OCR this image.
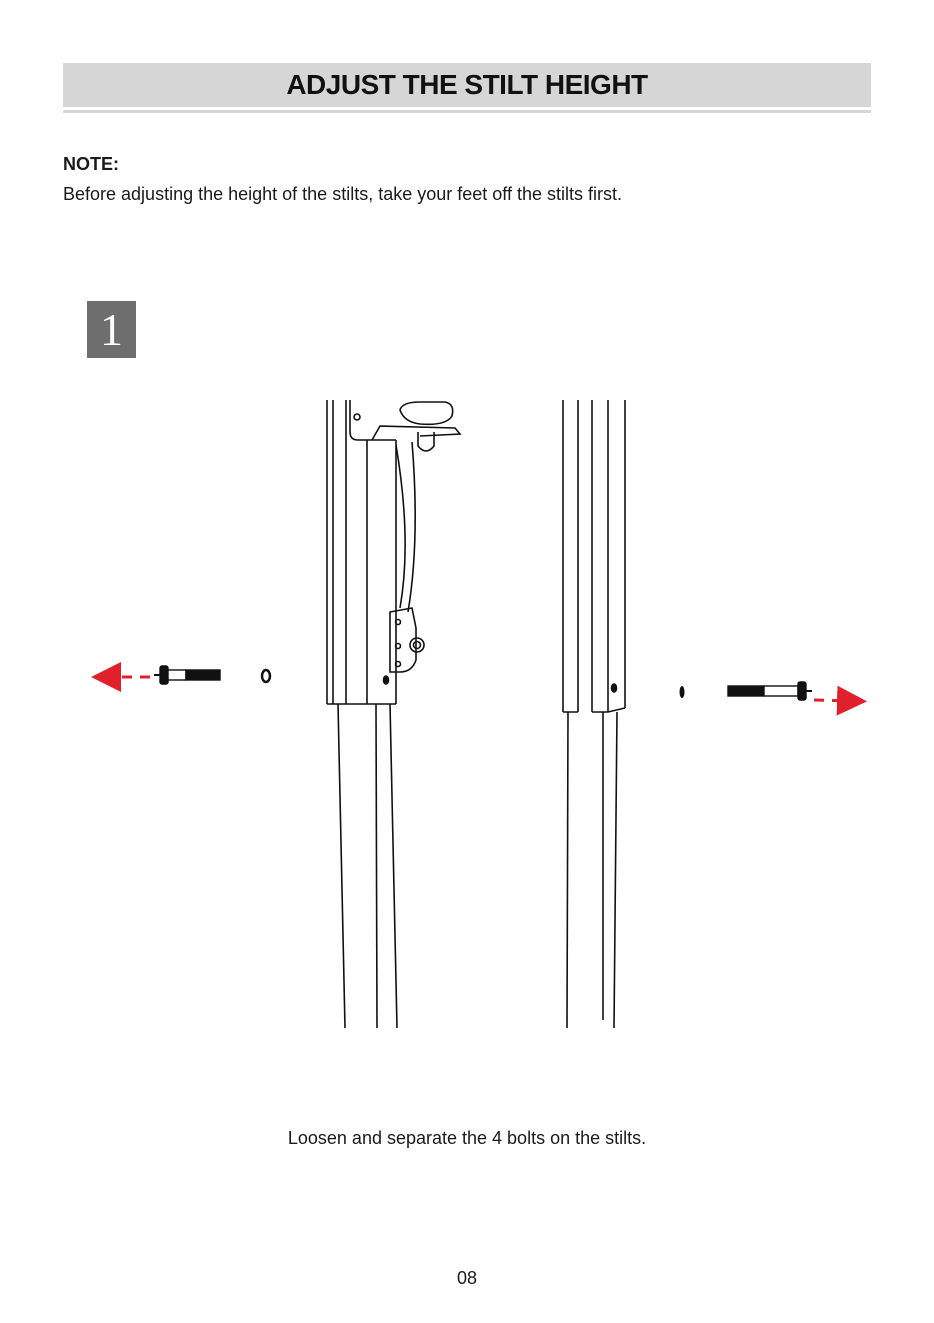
ADJUST THE STILT HEIGHT
NOTE:
Before adjusting the height of the stilts, take your feet off the stilts first.
1
Loosen and separate the 4 bolts on the stilts.
08
